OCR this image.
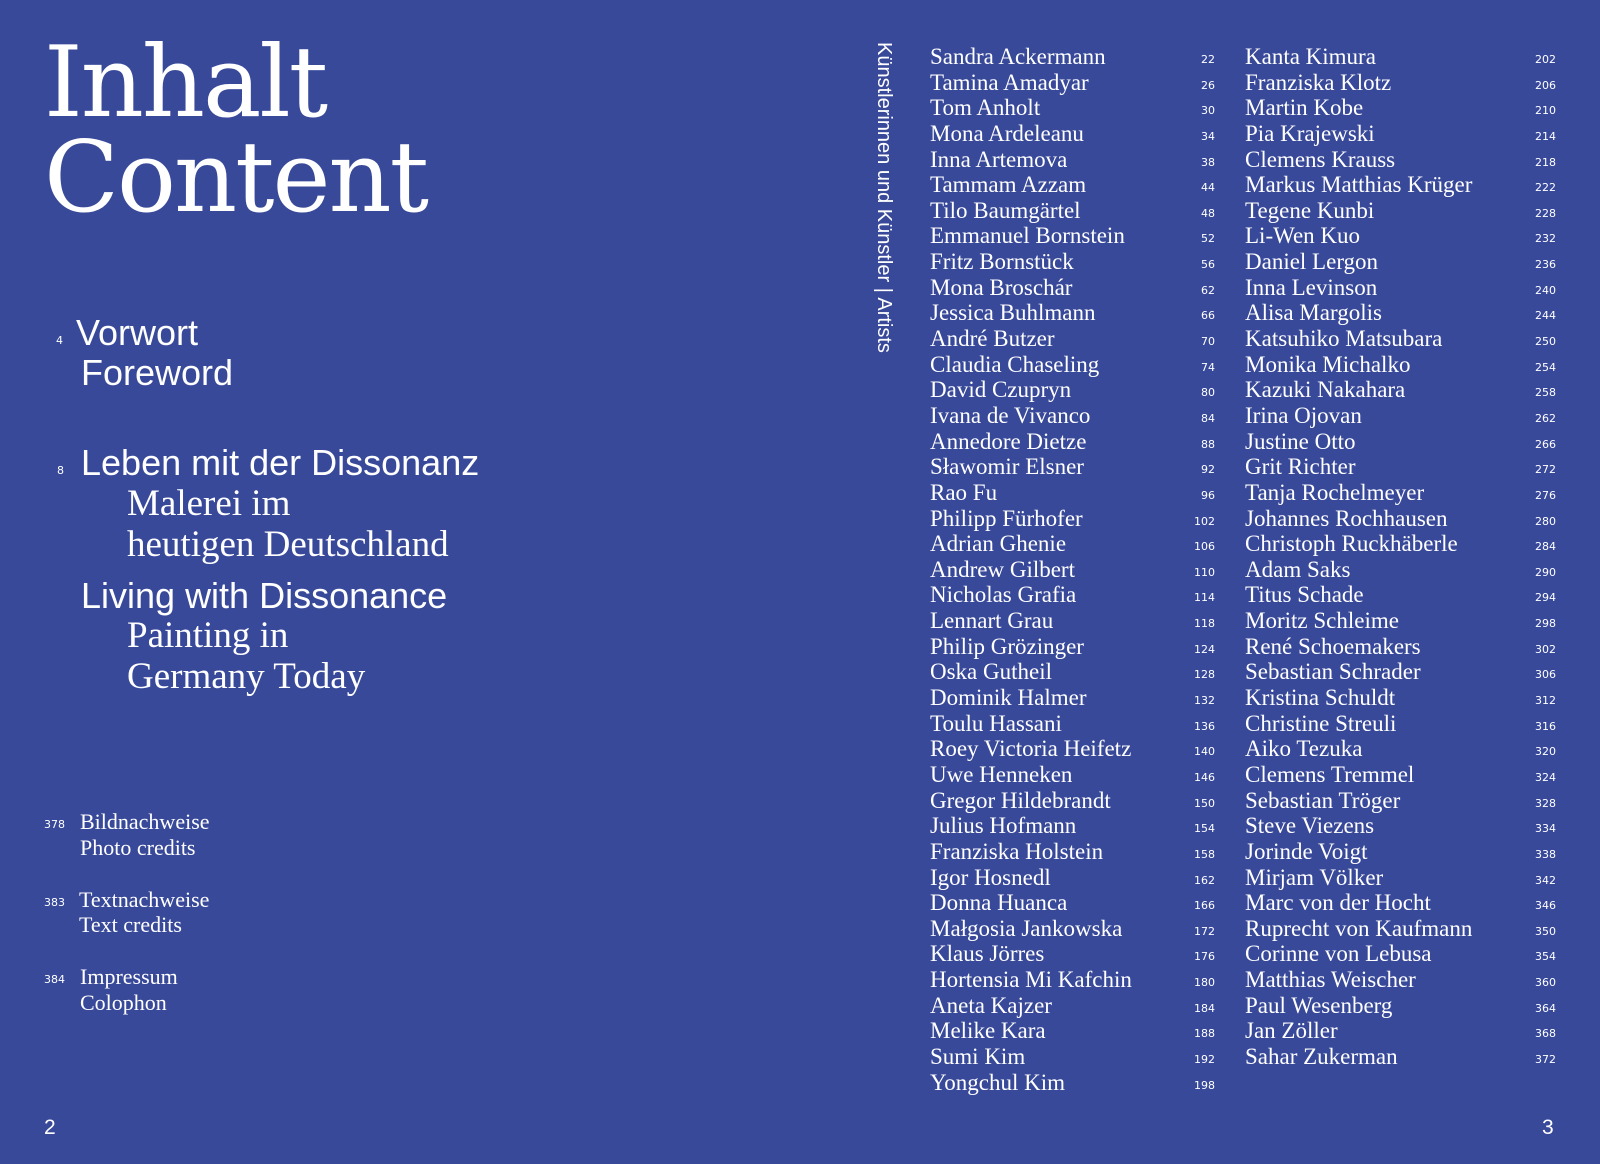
Inhalt
Content
4 Vorwort
Foreword
8 Leben mit der Dissonanz
Malerei im
heutigen Deutschland
Living with Dissonance
Painting in
Germany Today
378 Bildnachweise
Photo credits
383 Textnachweise
Text credits
384 Impressum
Colophon
2
Künstlerinnen und Künstler | Artists Sandra Ackermann	22
Tamina Amadyar	26
Tom Anholt	30
Mona Ardeleanu	34
Inna Artemova	38
Tammam Azzam	44
Tilo Baumgärtel	48
Emmanuel Bornstein	52
Fritz Bornstück	56
Mona Broschár	62
Jessica Buhlmann	66
André Butzer	70
Claudia Chaseling	74
David Czupryn	80
Ivana de Vivanco	84
Annedore Dietze	88
Sławomir Elsner	92
Rao Fu	96
Philipp Fürhofer	102
Adrian Ghenie	106
Andrew Gilbert	110
Nicholas Grafia	114
Lennart Grau	118
Philip Grözinger	124
Oska Gutheil	128
Dominik Halmer	132
Toulu Hassani	136
Roey Victoria Heifetz	140
Uwe Henneken	146
Gregor Hildebrandt	150
Julius Hofmann	154
Franziska Holstein	158
Igor Hosnedl	162
Donna Huanca	166
Małgosia Jankowska	172
Klaus Jörres	176
Hortensia Mi Kafchin	180
Aneta Kajzer	184
Melike Kara	188
Sumi Kim	192
Yongchul Kim	198
Kanta Kimura	202
Franziska Klotz	206
Martin Kobe	210
Pia Krajewski	214
Clemens Krauss	218
Markus Matthias Krüger	222
Tegene Kunbi	228
Li-Wen Kuo	232
Daniel Lergon	236
Inna Levinson	240
Alisa Margolis	244
Katsuhiko Matsubara	250
Monika Michalko	254
Kazuki Nakahara	258
Irina Ojovan	262
Justine Otto	266
Grit Richter	272
Tanja Rochelmeyer	276
Johannes Rochhausen	280
Christoph Ruckhäberle	284
Adam Saks	290
Titus Schade	294
Moritz Schleime	298
René Schoemakers	302
Sebastian Schrader	306
Kristina Schuldt	312
Christine Streuli	316
Aiko Tezuka	320
Clemens Tremmel	324
Sebastian Tröger	328
Steve Viezens	334
Jorinde Voigt	338
Mirjam Völker	342
Marc von der Hocht	346
Ruprecht von Kaufmann	350
Corinne von Lebusa	354
Matthias Weischer	360
Paul Wesenberg	364
Jan Zöller	368
Sahar Zukerman	372
3
